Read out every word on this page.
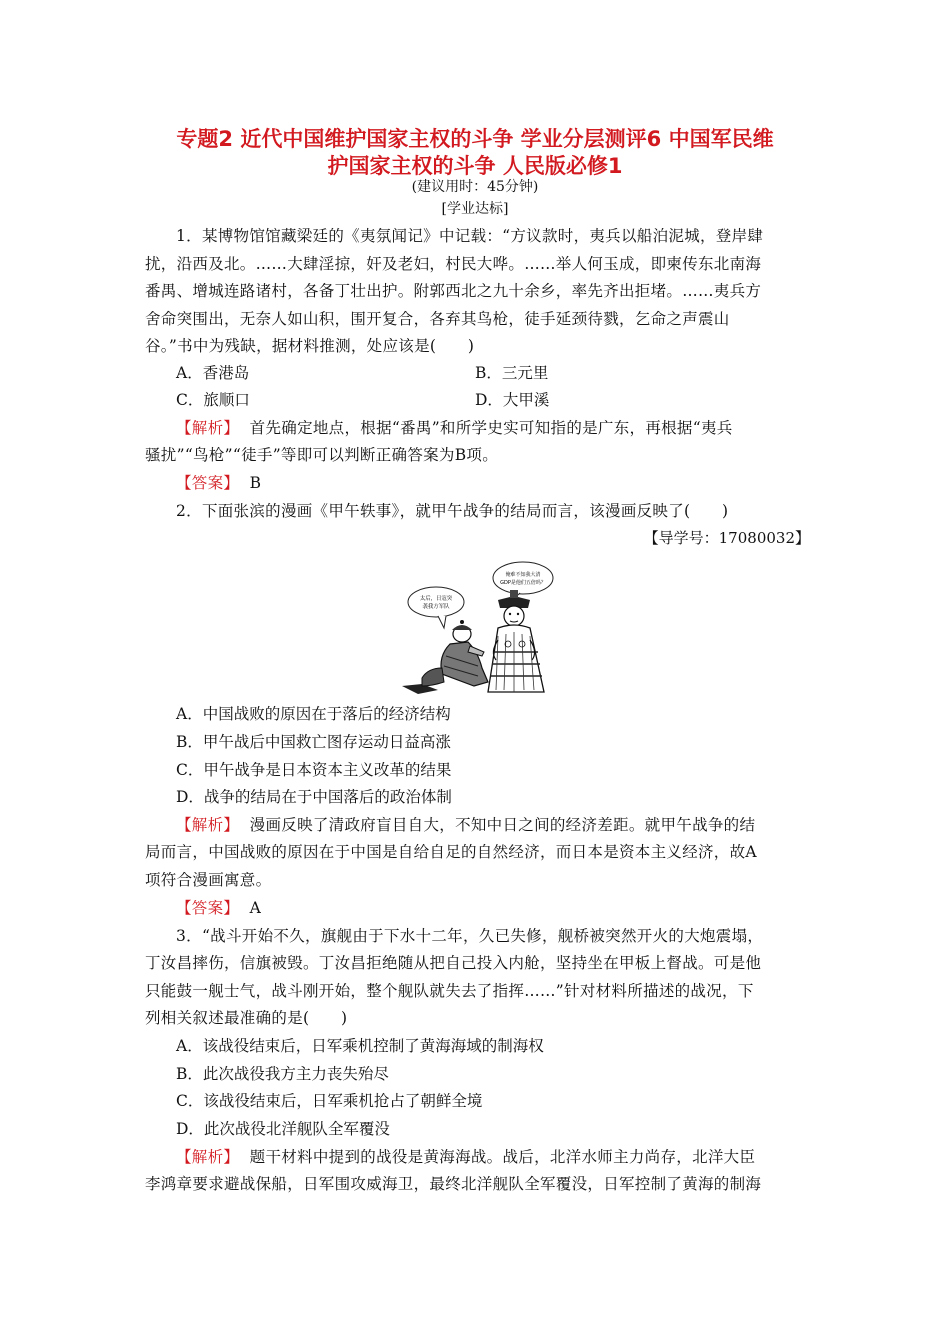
专题2 近代中国维护国家主权的斗争 学业分层测评6 中国军民维
护国家主权的斗争 人民版必修1
(建议用时：45分钟)
[学业达标]
1．某博物馆馆藏梁廷的《夷氛闻记》中记载：“方议款时，夷兵以船泊泥城，登岸肆
扰，沿西及北。……大肆淫掠，奸及老妇，村民大哗。……举人何玉成，即柬传东北南海
番禺、增城连路诸村，各备丁壮出护。附郭西北之九十余乡，率先齐出拒堵。……夷兵方
舍命突围出，无奈人如山积，围开复合，各弃其鸟枪，徒手延颈待戮，乞命之声震山
谷。”书中为残缺，据材料推测，处应该是(　　)
A．香港岛	B．三元里
C．旅顺口	D．大甲溪
【解析】 首先确定地点，根据“番禺”和所学史实可知指的是广东，再根据“夷兵
骚扰”“鸟枪”“徒手”等即可以判断正确答案为B项。
【答案】 B
2．下面张滨的漫画《甲午轶事》，就甲午战争的结局而言，该漫画反映了(　　)
【导学号：17080032】
太后，日寇突
袭我方军队
俺难不知我大清
GDP是他们五倍吗？
A．中国战败的原因在于落后的经济结构
B．甲午战后中国救亡图存运动日益高涨
C．甲午战争是日本资本主义改革的结果
D．战争的结局在于中国落后的政治体制
【解析】 漫画反映了清政府盲目自大，不知中日之间的经济差距。就甲午战争的结
局而言，中国战败的原因在于中国是自给自足的自然经济，而日本是资本主义经济，故A
项符合漫画寓意。
【答案】 A
3．“战斗开始不久，旗舰由于下水十二年，久已失修，舰桥被突然开火的大炮震塌，
丁汝昌摔伤，信旗被毁。丁汝昌拒绝随从把自己投入内舱，坚持坐在甲板上督战。可是他
只能鼓一舰士气，战斗刚开始，整个舰队就失去了指挥……”针对材料所描述的战况，下
列相关叙述最准确的是(　　)
A．该战役结束后，日军乘机控制了黄海海域的制海权
B．此次战役我方主力丧失殆尽
C．该战役结束后，日军乘机抢占了朝鲜全境
D．此次战役北洋舰队全军覆没
【解析】 题干材料中提到的战役是黄海海战。战后，北洋水师主力尚存，北洋大臣
李鸿章要求避战保船，日军围攻威海卫，最终北洋舰队全军覆没，日军控制了黄海的制海
